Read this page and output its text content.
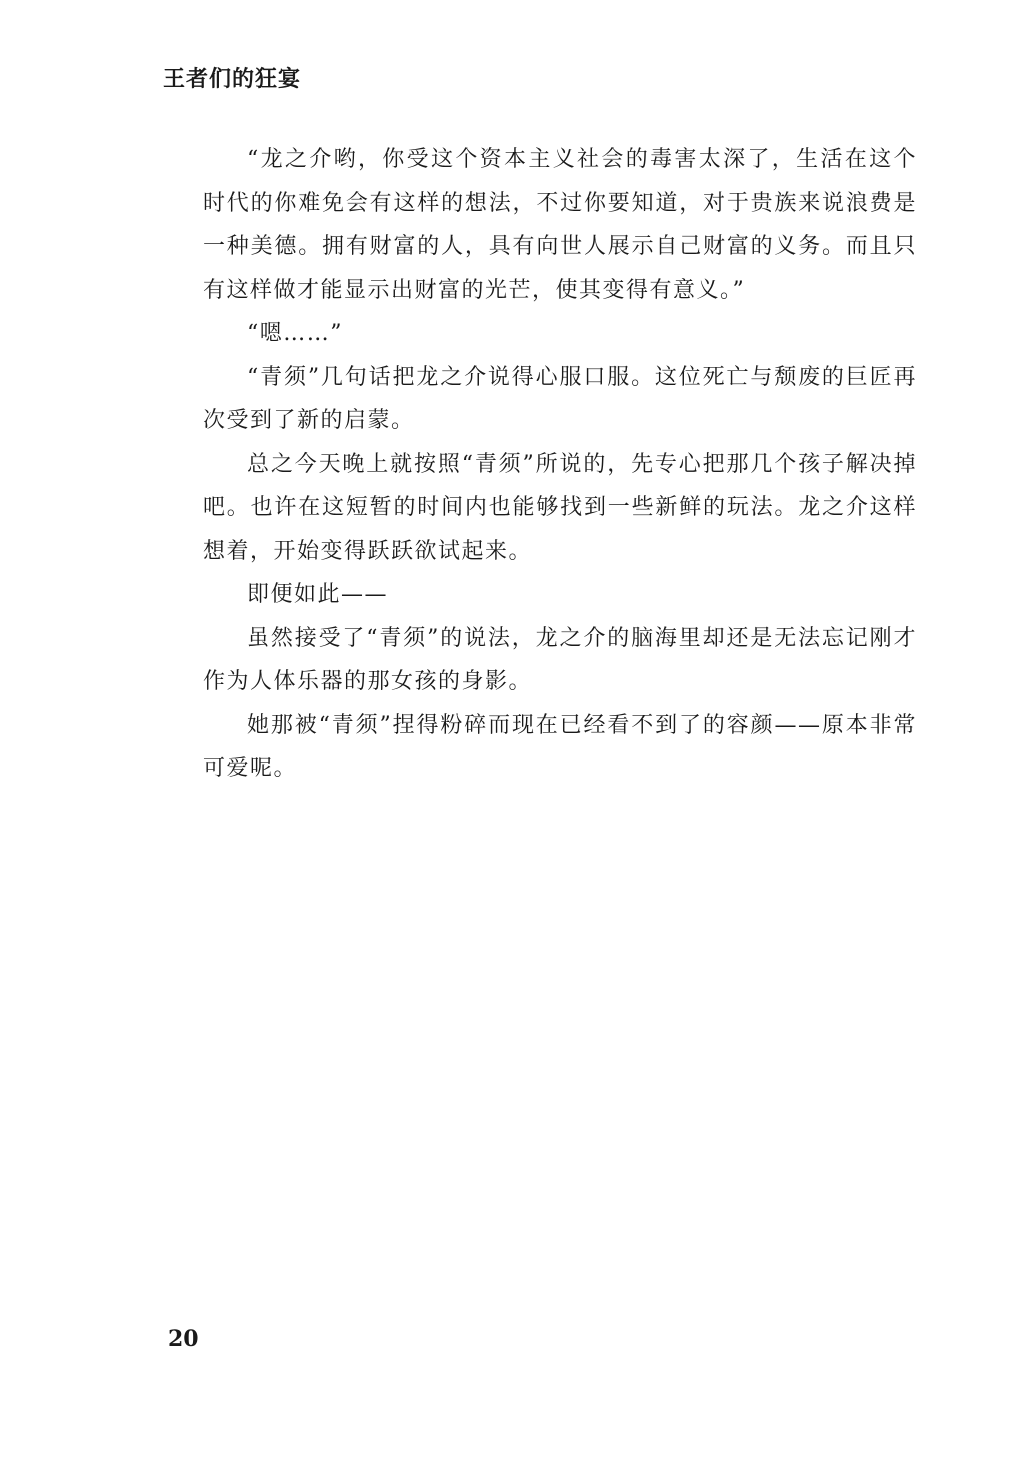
王者们的狂宴

“龙之介哟，你受这个资本主义社会的毒害太深了，生活在这个时代的你难免会有这样的想法，不过你要知道，对于贵族来说浪费是一种美德。拥有财富的人，具有向世人展示自己财富的义务。而且只有这样做才能显示出财富的光芒，使其变得有意义。”

“嗯……”

“青须”几句话把龙之介说得心服口服。这位死亡与颓废的巨匠再次受到了新的启蒙。

总之今天晚上就按照“青须”所说的，先专心把那几个孩子解决掉吧。也许在这短暂的时间内也能够找到一些新鲜的玩法。龙之介这样想着，开始变得跃跃欲试起来。

即便如此——

虽然接受了“青须”的说法，龙之介的脑海里却还是无法忘记刚才作为人体乐器的那女孩的身影。

她那被“青须”捏得粉碎而现在已经看不到了的容颜——原本非常可爱呢。

20
